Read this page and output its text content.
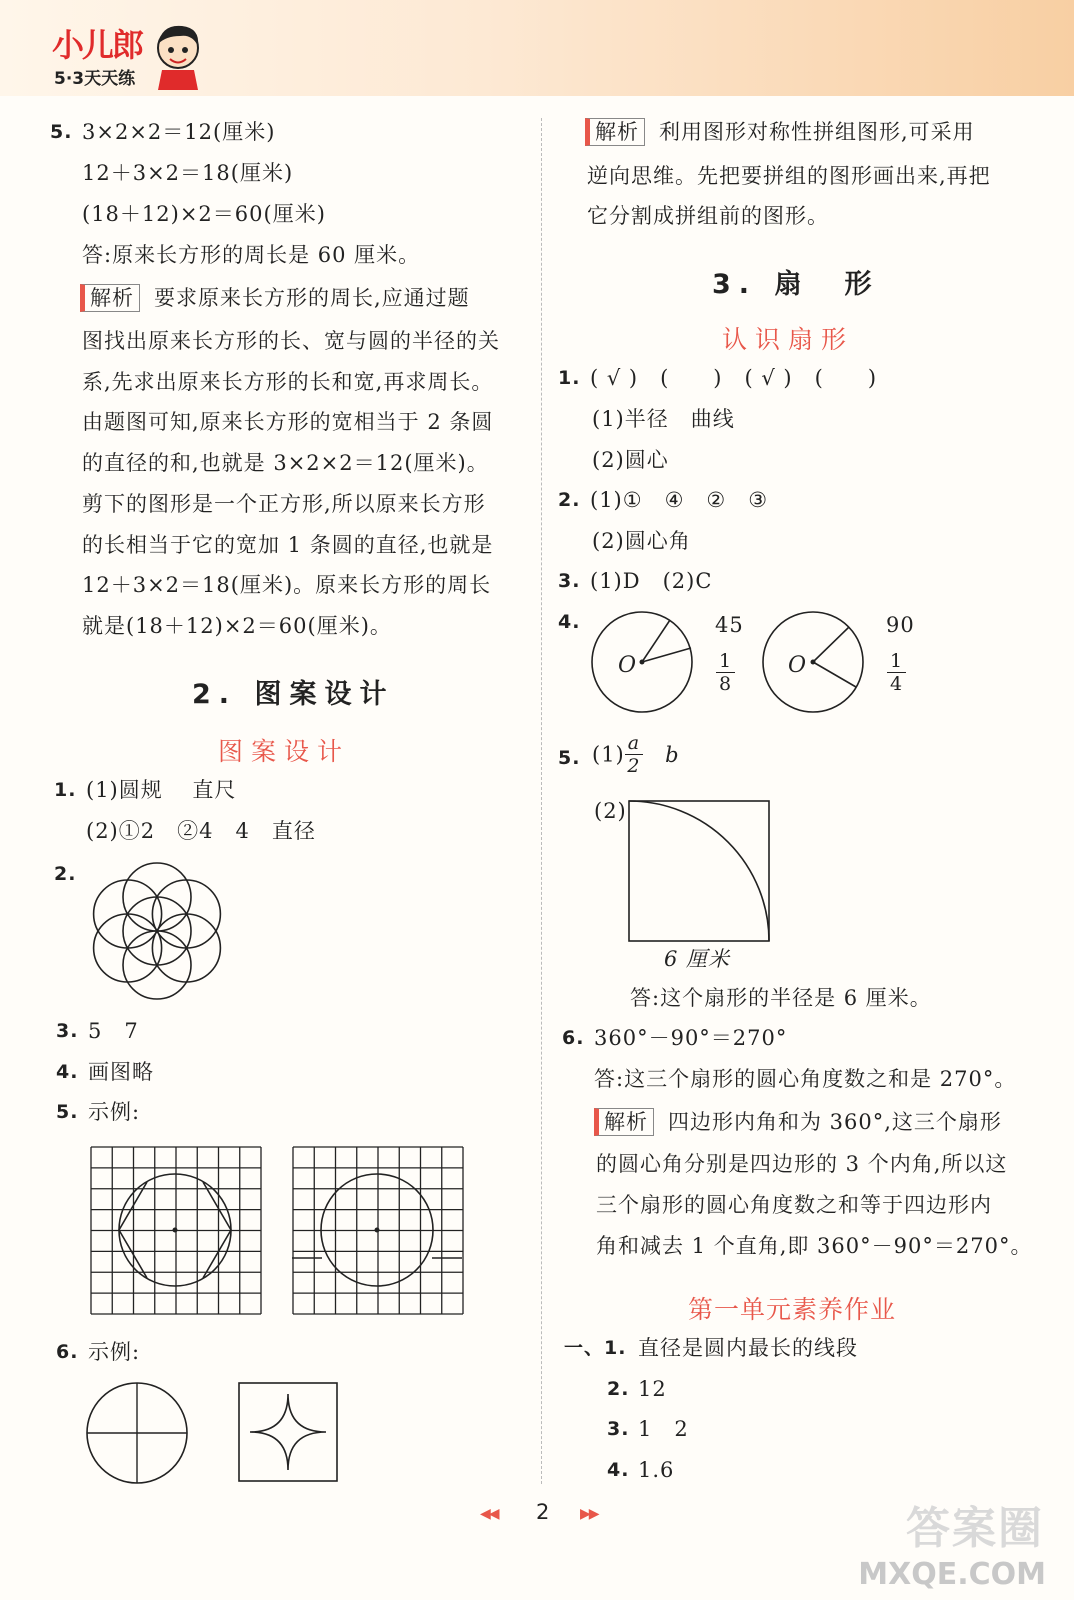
小儿郎
5·3天天练
5. 3×2×2＝12(厘米)
12＋3×2＝18(厘米)
(18＋12)×2＝60(厘米)
答:原来长方形的周长是 60 厘米。
解析 要求原来长方形的周长,应通过题
图找出原来长方形的长、宽与圆的半径的关
系,先求出原来长方形的长和宽,再求周长。
由题图可知,原来长方形的宽相当于 2 条圆
的直径的和,也就是 3×2×2＝12(厘米)。
剪下的图形是一个正方形,所以原来长方形
的长相当于它的宽加 1 条圆的直径,也就是
12＋3×2＝18(厘米)。原来长方形的周长
就是(18＋12)×2＝60(厘米)。
2. 图案设计
图案设计
1. (1)圆规　 直尺
(2)①2　②4　4　直径
2.
3. 5　7
4. 画图略
5. 示例:
6. 示例:
解析 利用图形对称性拼组图形,可采用
逆向思维。先把要拼组的图形画出来,再把
它分割成拼组前的图形。
3. 扇　形
认识扇形
1. ( √ )　(　　)　( √ )　(　　)
(1)半径　曲线
(2)圆心
2. (1)①　④　②　③
(2)圆心角
3. (1)D　(2)C
4.
O
45
$\frac{1}{8}$ O
90
$\frac{1}{4}$
5. $(1) \frac{a}{2}$ b
(2)
6 厘米
答:这个扇形的半径是 6 厘米。
6. 360°－90°＝270°
答:这三个扇形的圆心角度数之和是 270°。
解析 四边形内角和为 360°,这三个扇形
的圆心角分别是四边形的 3 个内角,所以这
三个扇形的圆心角度数之和等于四边形内
角和减去 1 个直角,即 360°－90°＝270°。
第一单元素养作业
一、1. 直径是圆内最长的线段
2. 12
3. 1　2
4. 1.6
◀◀ 2 ▶▶	答案圈
MXQE.COM
